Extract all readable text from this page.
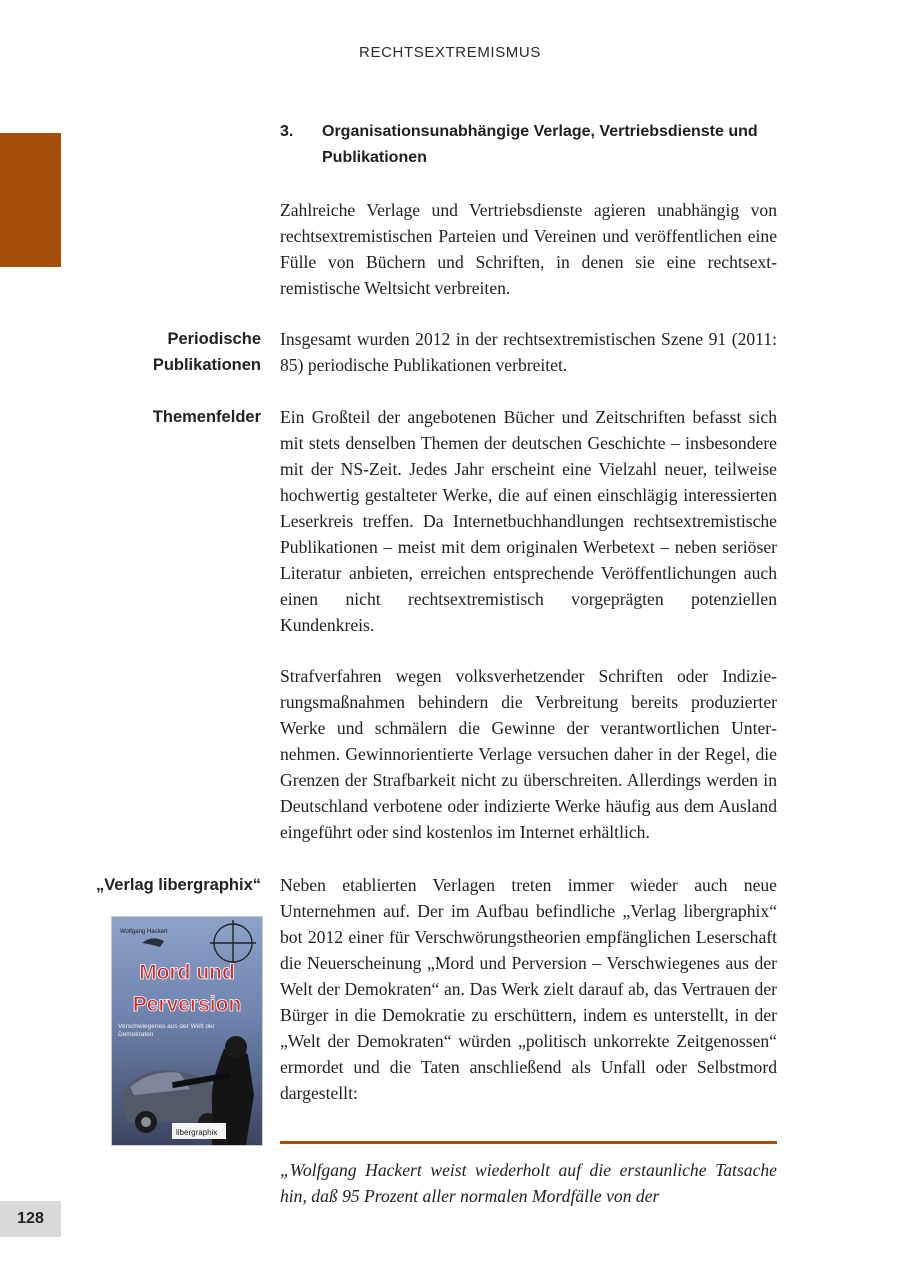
RECHTSEXTREMISMUS
3. Organisationsunabhängige Verlage, Vertriebsdienste und Publikationen

Zahlreiche Verlage und Vertriebsdienste agieren unabhängig von rechtsextremistischen Parteien und Vereinen und veröffentlichen eine Fülle von Büchern und Schriften, in denen sie eine rechtsextremistische Weltsicht verbreiten.

Periodische Publikationen

Insgesamt wurden 2012 in der rechtsextremistischen Szene 91 (2011: 85) periodische Publikationen verbreitet.

Themenfelder Ein Großteil der angebotenen Bücher und Zeitschriften befasst sich mit stets denselben Themen der deutschen Geschichte – insbesondere mit der NS-Zeit. Jedes Jahr erscheint eine Vielzahl neuer, teilweise hochwertig gestalteter Werke, die auf einen einschlägig interessierten Leserkreis treffen. Da Internetbuchhandlungen rechtsextremistische Publikationen – meist mit dem originalen Werbetext – neben seriöser Literatur anbieten, erreichen entsprechende Veröffentlichungen auch einen nicht rechtsextremistisch vorgeprägten potenziellen Kundenkreis.

Strafverfahren wegen volksverhetzender Schriften oder Indizierungsmaßnahmen behindern die Verbreitung bereits produzierter Werke und schmälern die Gewinne der verantwortlichen Unternehmen. Gewinnorientierte Verlage versuchen daher in der Regel, die Grenzen der Strafbarkeit nicht zu überschreiten. Allerdings werden in Deutschland verbotene oder indizierte Werke häufig aus dem Ausland eingeführt oder sind kostenlos im Internet erhältlich.

„Verlag libergraphix“ Neben etablierten Verlagen treten immer wieder auch neue Unternehmen auf. Der im Aufbau befindliche „Verlag libergraphix“ bot 2012 einer für Verschwörungstheorien empfänglichen Leserschaft die Neuerscheinung „Mord und Perversion – Verschwiegenes aus der Welt der Demokraten“ an. Das Werk zielt darauf ab, das Vertrauen der Bürger in die Demokratie zu erschüttern, indem es unterstellt, in der „Welt der Demokraten“ würden „politisch unkorrekte Zeitgenossen“ ermordet und die Taten anschließend als Unfall oder Selbstmord dargestellt:

Wolfgang Hackert
Mord und
Perversion
Verschwiegenes aus der Welt der Demokraten
libergraphix

„Wolfgang Hackert weist wiederholt auf die erstaunliche Tatsache hin, daß 95 Prozent aller normalen Mordfälle von der

128
